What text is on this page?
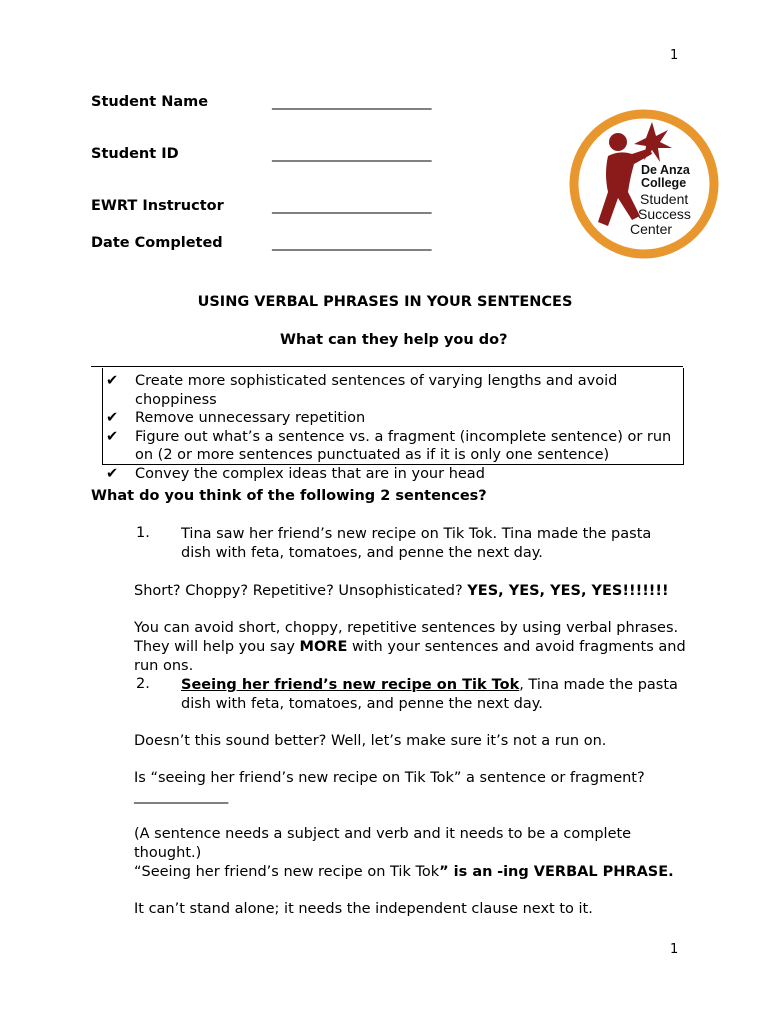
1
Student Name	______________________
Student ID	______________________
EWRT Instructor	______________________
Date Completed	______________________
De Anza
College
Student
Success
Center
USING VERBAL PHRASES IN YOUR SENTENCES
What can they help you do?
✔ Create more sophisticated sentences of varying lengths and avoid choppiness
✔ Remove unnecessary repetition
✔ Figure out what’s a sentence vs. a fragment (incomplete sentence) or run on (2 or more sentences punctuated as if it is only one sentence)
✔ Convey the complex ideas that are in your head
What do you think of the following 2 sentences?
1. Tina saw her friend’s new recipe on Tik Tok. Tina made the pasta dish with feta, tomatoes, and penne the next day.
Short? Choppy? Repetitive? Unsophisticated? YES, YES, YES, YES!!!!!!!
You can avoid short, choppy, repetitive sentences by using verbal phrases. They will help you say MORE with your sentences and avoid fragments and run ons.
2. Seeing her friend’s new recipe on Tik Tok, Tina made the pasta dish with feta, tomatoes, and penne the next day.
Doesn’t this sound better? Well, let’s make sure it’s not a run on.
Is “seeing her friend’s new recipe on Tik Tok” a sentence or fragment?
_____________
(A sentence needs a subject and verb and it needs to be a complete thought.)
“Seeing her friend’s new recipe on Tik Tok” is an -ing VERBAL PHRASE.
It can’t stand alone; it needs the independent clause next to it.
1
